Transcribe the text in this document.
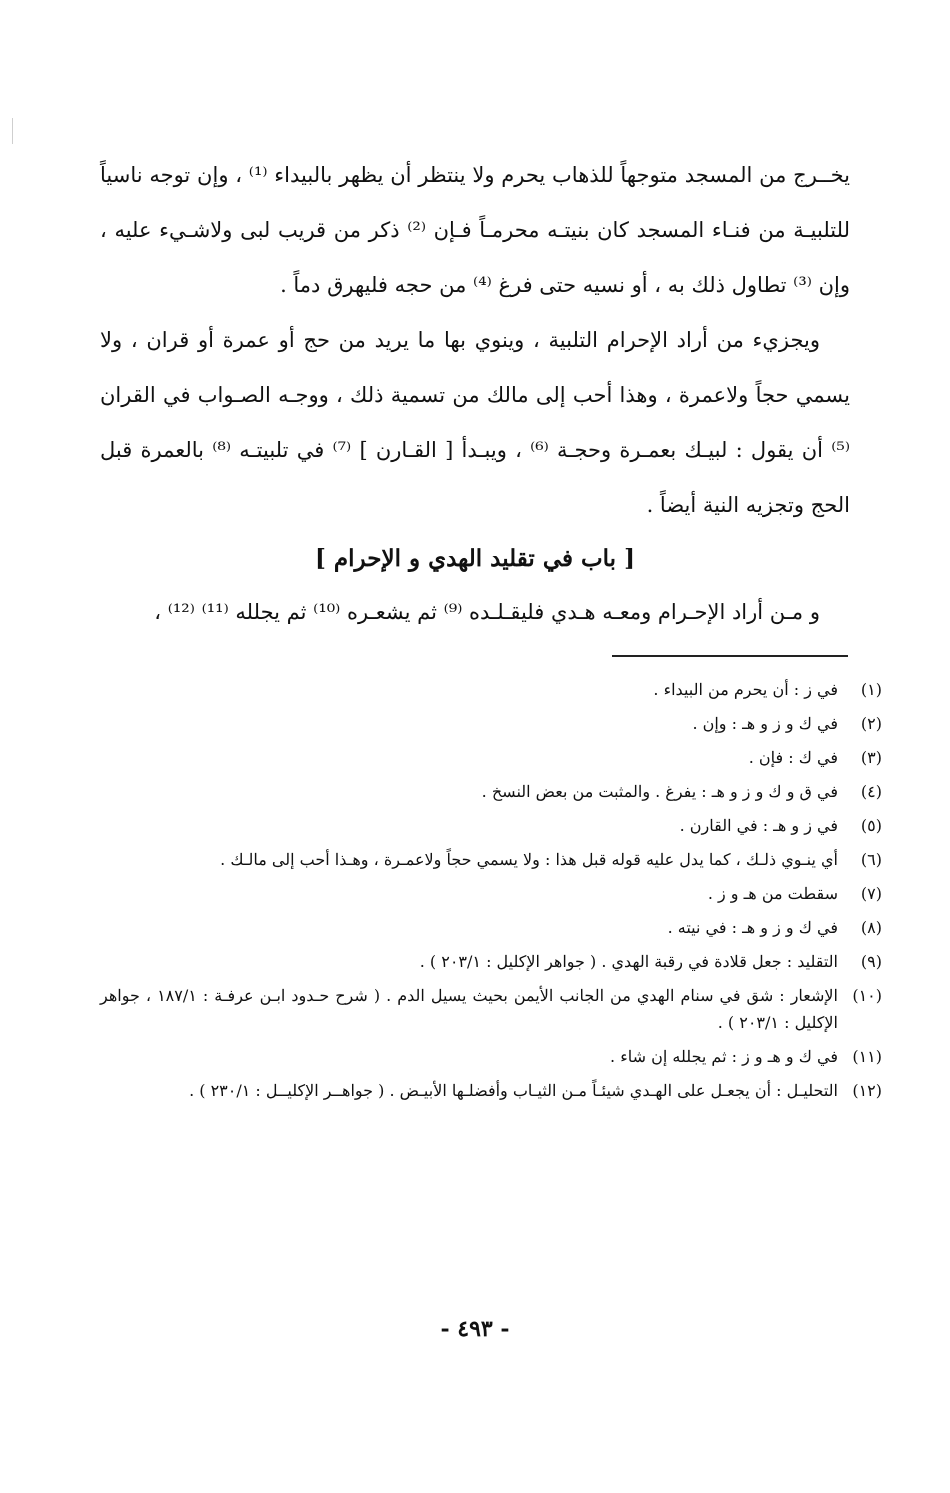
يخــرج من المسجد متوجهاً للذهاب يحرم ولا ينتظر أن يظهر بالبيداء ⁽¹⁾ ، وإن توجه ناسياً للتلبيـة من فنـاء المسجد كان بنيتـه محرمـاً فـإن ⁽²⁾ ذكر من قريب لبى ولاشـيء عليه ، وإن ⁽³⁾ تطاول ذلك به ، أو نسيه حتى فرغ ⁽⁴⁾ من حجه فليهرق دماً .

ويجزيء من أراد الإحرام التلبية ، وينوي بها ما يريد من حج أو عمرة أو قران ، ولا يسمي حجاً ولاعمرة ، وهذا أحب إلى مالك من تسمية ذلك ، ووجـه الصـواب في القران ⁽⁵⁾ أن يقول : لبيـك بعمـرة وحجـة ⁽⁶⁾ ، ويبـدأ [ القـارن ] ⁽⁷⁾ في تلبيتـه ⁽⁸⁾ بالعمرة قبل الحج وتجزيه النية أيضاً .

[ باب في تقليد الهدي و الإحرام ]

و مـن أراد الإحـرام ومعـه هـدي فليقـلـده ⁽⁹⁾ ثم يشعـره ⁽¹⁰⁾ ثم يجلله ⁽¹¹⁾ ⁽¹²⁾ ،

(١)
في ز : أن يحرم من البيداء .
(٢)
في ك و ز و هـ : وإن .
(٣)
في ك : فإن .
(٤)
في ق و ك و ز و هـ : يفرغ . والمثبت من بعض النسخ .
(٥)
في ز و هـ : في القارن .
(٦)
أي ينـوي ذلـك ، كما يدل عليه قوله قبل هذا : ولا يسمي حجاً ولاعمـرة ، وهـذا أحب إلى مالـك .
(٧)
سقطت من هـ و ز .
(٨)
في ك و ز و هـ : في نيته .
(٩)
التقليد : جعل قلادة في رقبة الهدي . ( جواهر الإكليل : ٢٠٣/١ ) .
(١٠)
الإشعار : شق في سنام الهدي من الجانب الأيمن بحيث يسيل الدم . ( شرح حـدود ابـن عرفـة : ١٨٧/١ ، جواهر الإكليل : ٢٠٣/١ ) .
(١١)
في ك و هـ و ز : ثم يجلله إن شاء .
(١٢)
التحليـل : أن يجعـل على الهـدي شيئـاً مـن الثيـاب وأفضلـها الأبيـض . ( جواهــر الإكليــل : ٢٣٠/١ ) .
- ٤٩٣ -
